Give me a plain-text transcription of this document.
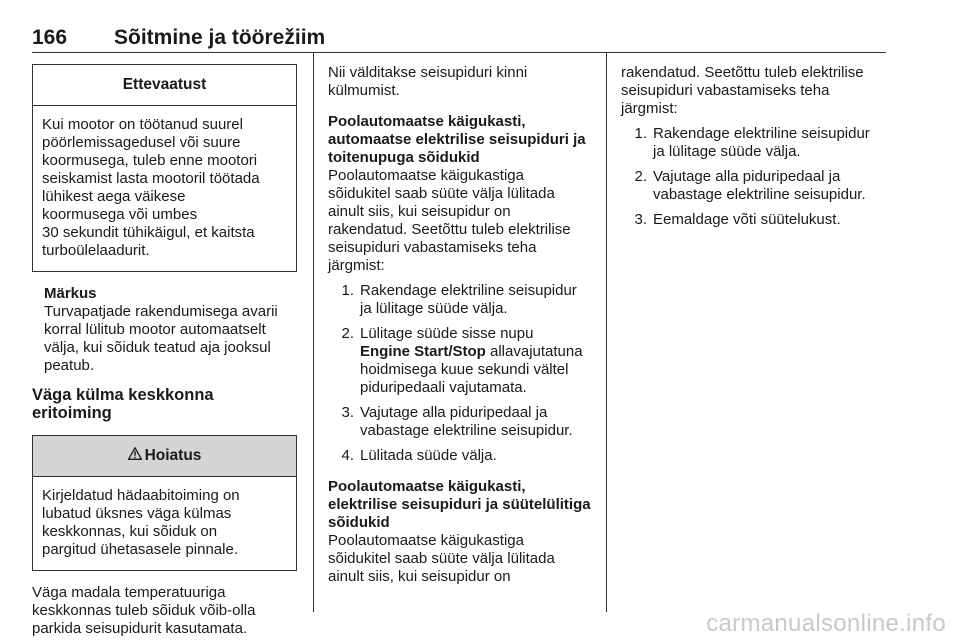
166 Sõitmine ja töörežiim
Ettevaatust
Kui mootor on töötanud suurel
pöörlemissagedusel või suure
koormusega, tuleb enne mootori
seiskamist lasta mootoril töötada
lühikest aega väikese
koormusega või umbes
30 sekundit tühikäigul, et kaitsta
turboülelaadurit.
Märkus
Turvapatjade rakendumisega avarii
korral lülitub mootor automaatselt
välja, kui sõiduk teatud aja jooksul
peatub.
Väga külma keskkonna eritoiming
Hoiatus
Kirjeldatud hädaabitoiming on
lubatud üksnes väga külmas
keskkonnas, kui sõiduk on
pargitud ühetasasele pinnale.
Väga madala temperatuuriga
keskkonnas tuleb sõiduk võib-olla
parkida seisupidurit kasutamata.
Nii välditakse seisupiduri kinni
külmumist.
Poolautomaatse käigukasti,
automaatse elektrilise seisupiduri ja
toitenupuga sõidukid
Poolautomaatse käigukastiga
sõidukitel saab süüte välja lülitada
ainult siis, kui seisupidur on
rakendatud. Seetõttu tuleb elektrilise
seisupiduri vabastamiseks teha
järgmist:
1. Rakendage elektriline seisupidur
ja lülitage süüde välja.
2. Lülitage süüde sisse nupu
Engine Start/Stop allavajutatuna
hoidmisega kuue sekundi vältel
piduripedaali vajutamata.
3. Vajutage alla piduripedaal ja
vabastage elektriline seisupidur.
4. Lülitada süüde välja.
Poolautomaatse käigukasti,
elektrilise seisupiduri ja süütelülitiga
sõidukid
Poolautomaatse käigukastiga
sõidukitel saab süüte välja lülitada
ainult siis, kui seisupidur on
rakendatud. Seetõttu tuleb elektrilise
seisupiduri vabastamiseks teha
järgmist:
1. Rakendage elektriline seisupidur
ja lülitage süüde välja.
2. Vajutage alla piduripedaal ja
vabastage elektriline seisupidur.
3. Eemaldage võti süütelukust.
carmanualsonline.info
